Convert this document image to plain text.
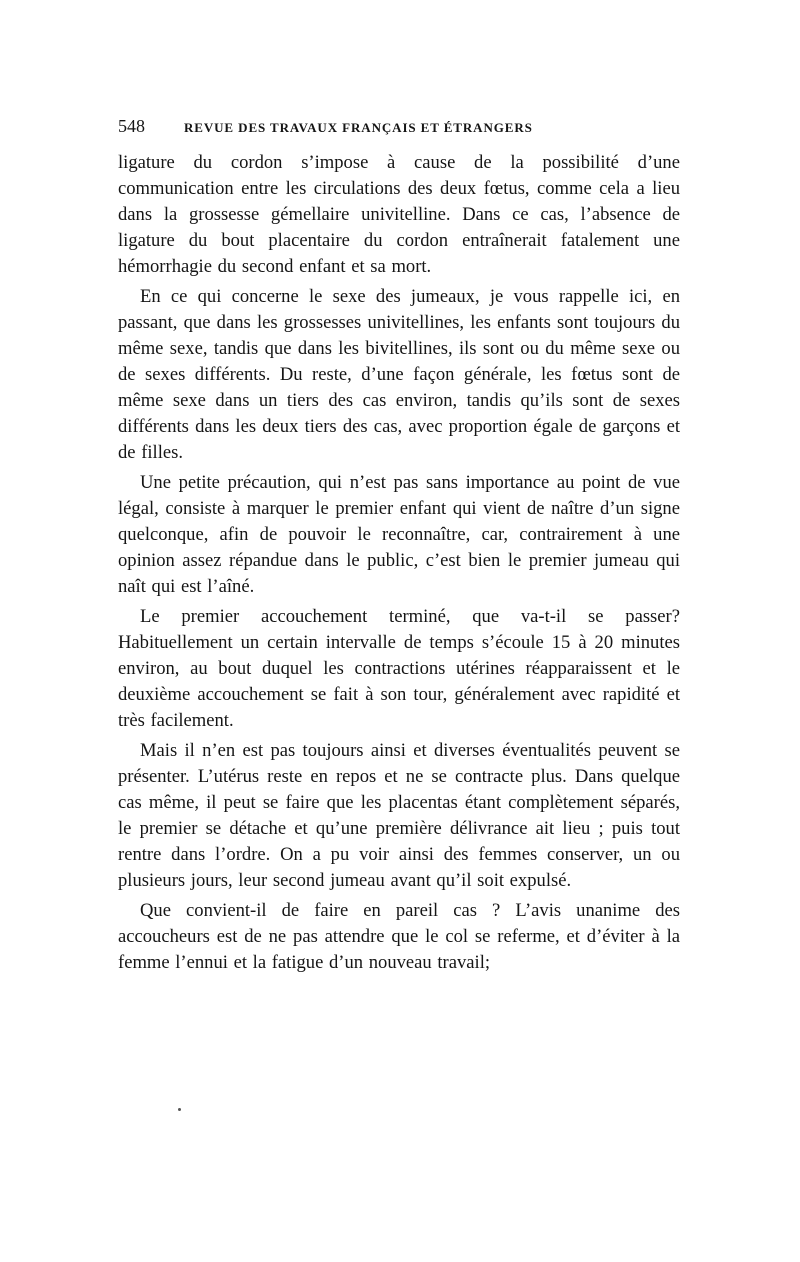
548	REVUE DES TRAVAUX FRANÇAIS ET ÉTRANGERS

ligature du cordon s’impose à cause de la possibilité d’une communication entre les circulations des deux fœtus, comme cela a lieu dans la grossesse gémellaire univitelline. Dans ce cas, l’absence de ligature du bout placentaire du cordon entraînerait fatalement une hémorrhagie du second enfant et sa mort.

En ce qui concerne le sexe des jumeaux, je vous rappelle ici, en passant, que dans les grossesses univitellines, les enfants sont toujours du même sexe, tandis que dans les bivitellines, ils sont ou du même sexe ou de sexes différents. Du reste, d’une façon générale, les fœtus sont de même sexe dans un tiers des cas environ, tandis qu’ils sont de sexes différents dans les deux tiers des cas, avec proportion égale de garçons et de filles.

Une petite précaution, qui n’est pas sans importance au point de vue légal, consiste à marquer le premier enfant qui vient de naître d’un signe quelconque, afin de pouvoir le reconnaître, car, contrairement à une opinion assez répandue dans le public, c’est bien le premier jumeau qui naît qui est l’aîné.

Le premier accouchement terminé, que va-t-il se passer? Habituellement un certain intervalle de temps s’écoule 15 à 20 minutes environ, au bout duquel les contractions utérines réapparaissent et le deuxième accouchement se fait à son tour, généralement avec rapidité et très facilement.

Mais il n’en est pas toujours ainsi et diverses éventualités peuvent se présenter. L’utérus reste en repos et ne se contracte plus. Dans quelque cas même, il peut se faire que les placentas étant complètement séparés, le premier se détache et qu’une première délivrance ait lieu ; puis tout rentre dans l’ordre. On a pu voir ainsi des femmes conserver, un ou plusieurs jours, leur second jumeau avant qu’il soit expulsé.

Que convient-il de faire en pareil cas ? L’avis unanime des accoucheurs est de ne pas attendre que le col se referme, et d’éviter à la femme l’ennui et la fatigue d’un nouveau travail;
